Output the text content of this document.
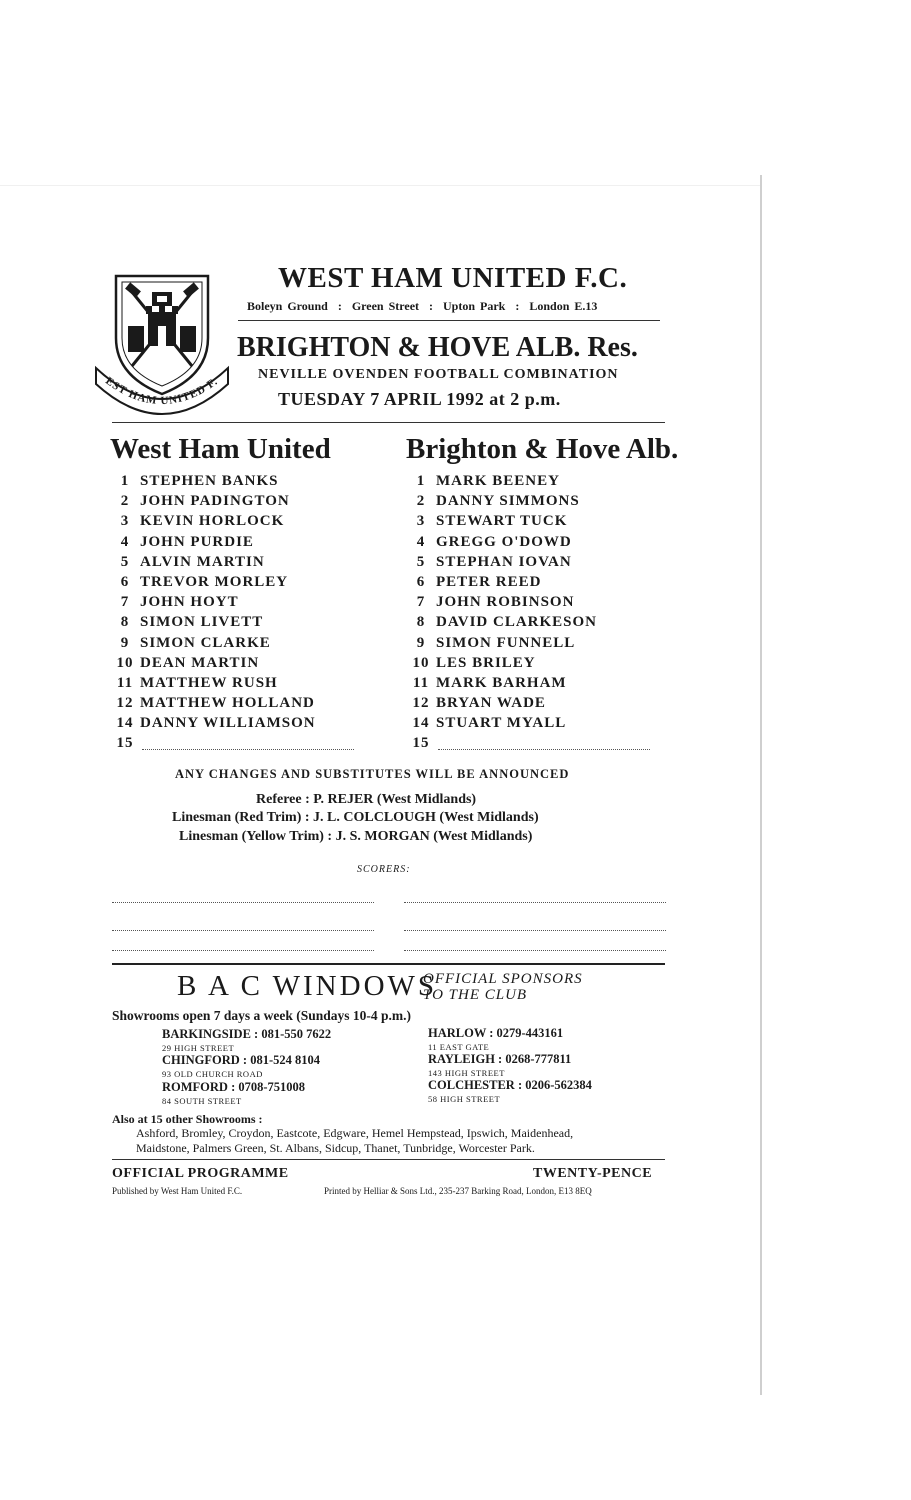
EST HAM UNITED F.
WEST HAM UNITED F.C.
Boleyn Ground  :  Green Street  :  Upton Park  :  London E.13
BRIGHTON & HOVE ALB. Res.
NEVILLE OVENDEN FOOTBALL COMBINATION
TUESDAY 7 APRIL 1992 at 2 p.m.
West Ham United	Brighton & Hove Alb.
1 STEPHEN BANKS
2 JOHN PADINGTON
3 KEVIN HORLOCK
4 JOHN PURDIE
5 ALVIN MARTIN
6 TREVOR MORLEY
7 JOHN HOYT
8 SIMON LIVETT
9 SIMON CLARKE
10 DEAN MARTIN
11 MATTHEW RUSH
12 MATTHEW HOLLAND
14 DANNY WILLIAMSON
15
1 MARK BEENEY
2 DANNY SIMMONS
3 STEWART TUCK
4 GREGG O'DOWD
5 STEPHAN IOVAN
6 PETER REED
7 JOHN ROBINSON
8 DAVID CLARKESON
9 SIMON FUNNELL
10 LES BRILEY
11 MARK BARHAM
12 BRYAN WADE
14 STUART MYALL
15
ANY CHANGES AND SUBSTITUTES WILL BE ANNOUNCED
Referee : P. REJER (West Midlands)
Linesman (Red Trim) : J. L. COLCLOUGH (West Midlands)
Linesman (Yellow Trim) : J. S. MORGAN (West Midlands)
SCORERS:
B A C WINDOWS
OFFICIAL SPONSORS
TO THE CLUB
Showrooms open 7 days a week (Sundays 10-4 p.m.)
BARKINGSIDE : 081-550 7622
29 HIGH STREET
CHINGFORD : 081-524 8104
93 OLD CHURCH ROAD
ROMFORD : 0708-751008
84 SOUTH STREET
HARLOW : 0279-443161
11 EAST GATE
RAYLEIGH : 0268-777811
143 HIGH STREET
COLCHESTER : 0206-562384
58 HIGH STREET
Also at 15 other Showrooms :
Ashford, Bromley, Croydon, Eastcote, Edgware, Hemel Hempstead, Ipswich, Maidenhead,
Maidstone, Palmers Green, St. Albans, Sidcup, Thanet, Tunbridge, Worcester Park.
OFFICIAL PROGRAMME	TWENTY-PENCE
Published by West Ham United F.C.	Printed by Helliar & Sons Ltd., 235-237 Barking Road, London, E13 8EQ
